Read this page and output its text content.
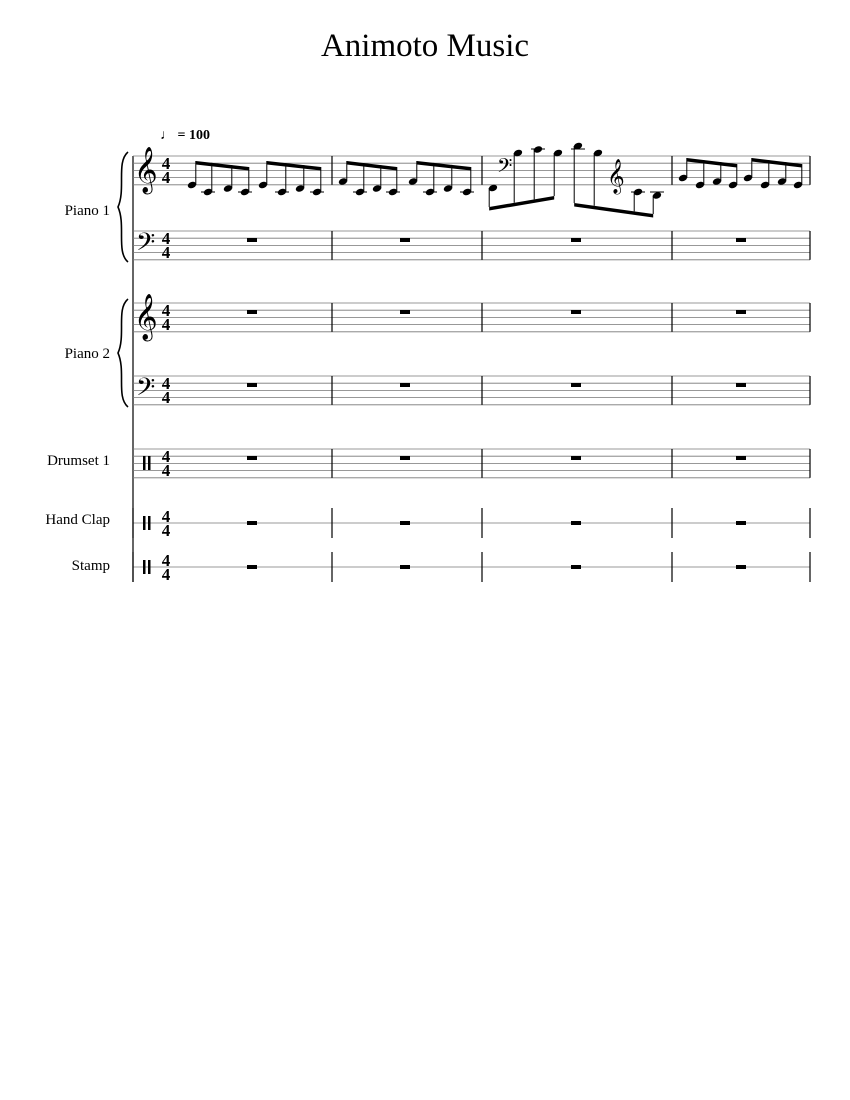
Animoto Music
♩ = 100
Piano 1
Piano 2
Drumset 1
Hand Clap
Stamp
𝄞 4
4
𝄢 4
4
𝄞 4
4
𝄢 4
4
4
4
4
4
4
4
𝄢	𝄞
